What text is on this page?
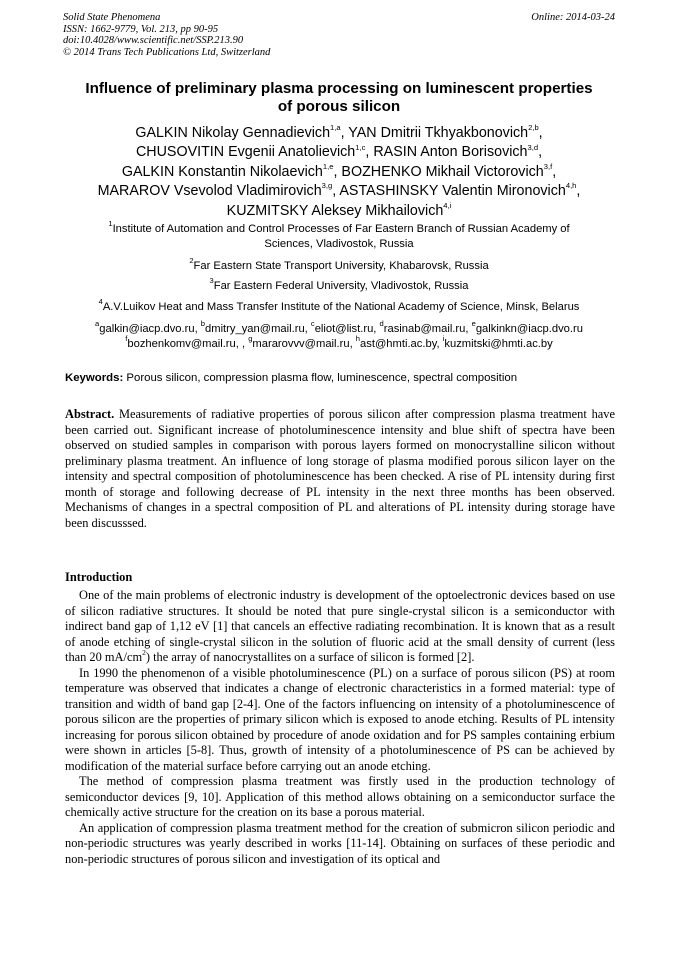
Solid State Phenomena
ISSN: 1662-9779, Vol. 213, pp 90-95
doi:10.4028/www.scientific.net/SSP.213.90
© 2014 Trans Tech Publications Ltd, Switzerland
Online: 2014-03-24
Influence of preliminary plasma processing on luminescent properties
of porous silicon
GALKIN Nikolay Gennadievich$^{1,a}$, YAN Dmitrii Tkhyakbonovich$^{2,b}$,
CHUSOVITIN Evgenii Anatolievich$^{1,c}$, RASIN Anton Borisovich$^{3,d}$,
GALKIN Konstantin Nikolaevich$^{1,e}$, BOZHENKO Mikhail Victorovich$^{3,f}$,
MARAROV Vsevolod Vladimirovich$^{3,g}$, ASTASHINSKY Valentin Mironovich$^{4,h}$,
KUZMITSKY Aleksey Mikhailovich$^{4,i}$
$^1$Institute of Automation and Control Processes of Far Eastern Branch of Russian Academy of
Sciences, Vladivostok, Russia
$^2$Far Eastern State Transport University, Khabarovsk, Russia
$^3$Far Eastern Federal University, Vladivostok, Russia
$^4$A.V.Luikov Heat and Mass Transfer Institute of the National Academy of Science, Minsk, Belarus
$^a$galkin@iacp.dvo.ru, $^b$dmitry_yan@mail.ru, $^c$eliot@list.ru, $^d$rasinab@mail.ru, $^e$galkinkn@iacp.dvo.ru
$^f$bozhenkomv@mail.ru, , $^g$mararovvv@mail.ru, $^h$ast@hmti.ac.by, $^i$kuzmitski@hmti.ac.by
Keywords: Porous silicon, compression plasma flow, luminescence, spectral composition

Abstract. Measurements of radiative properties of porous silicon after compression plasma treatment have been carried out. Significant increase of photoluminescence intensity and blue shift of spectra have been observed on studied samples in comparison with porous layers formed on monocrystalline silicon without preliminary plasma treatment. An influence of long storage of plasma modified porous silicon layer on the intensity and spectral composition of photoluminescence has been checked. A rise of PL intensity during first month of storage and following decrease of PL intensity in the next three months has been observed. Mechanisms of changes in a spectral composition of PL and alterations of PL intensity during storage have been discusssed.

Introduction

One of the main problems of electronic industry is development of the optoelectronic devices based on use of silicon radiative structures. It should be noted that pure single-crystal silicon is a semiconductor with indirect band gap of 1,12 eV [1] that cancels an effective radiating recombination. It is known that as a result of anode etching of single-crystal silicon in the solution of fluoric acid at the small density of current (less than 20 $mA/cm^2$) the array of nanocrystallites on a surface of silicon is formed [2].

In 1990 the phenomenon of a visible photoluminescence (PL) on a surface of porous silicon (PS) at room temperature was observed that indicates a change of electronic characteristics in a formed material: type of transition and width of band gap [2-4]. One of the factors influencing on intensity of a photoluminescence of porous silicon are the properties of primary silicon which is exposed to anode etching. Results of PL intensity increasing for porous silicon obtained by procedure of anode oxidation and for PS samples containing erbium were shown in articles [5-8]. Thus, growth of intensity of a photoluminescence of PS can be achieved by modification of the material surface before carrying out an anode etching.

The method of compression plasma treatment was firstly used in the production technology of semiconductor devices [9, 10]. Application of this method allows obtaining on a semiconductor surface the chemically active structure for the creation on its base a porous material.

An application of compression plasma treatment method for the creation of submicron silicon periodic and non-periodic structures was yearly described in works [11-14]. Obtaining on surfaces of these periodic and non-periodic structures of porous silicon and investigation of its optical and
